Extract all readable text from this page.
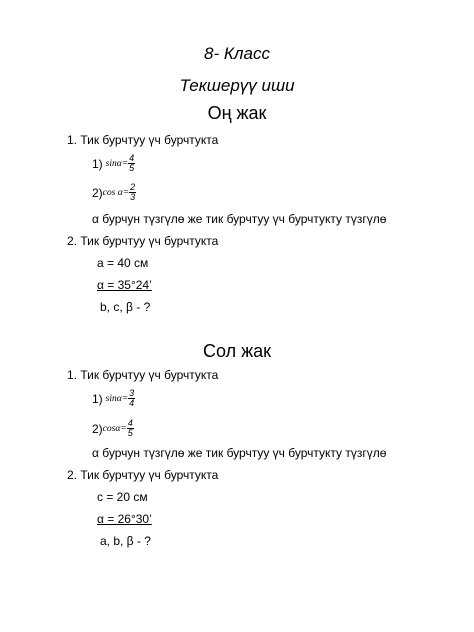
8- Класс
Текшерүү иши
Оң жак
1. Тик бурчтуу үч бурчтукта
1) $\sin\alpha = \frac{4}{5}$
2) $\cos \alpha = \frac{2}{3}$
α бурчун түзгүлө же тик бурчтуу үч бурчтукту түзгүлө
2. Тик бурчтуу үч бурчтукта
a = 40 см
α = 35°24’
b, c, β - ?
Сол жак
1. Тик бурчтуу үч бурчтукта
1) $\sin\alpha = \frac{3}{4}$
2) $\cos\alpha = \frac{4}{5}$
α бурчун түзгүлө же тик бурчтуу үч бурчтукту түзгүлө
2. Тик бурчтуу үч бурчтукта
c = 20 см
α = 26°30’
a, b, β - ?
